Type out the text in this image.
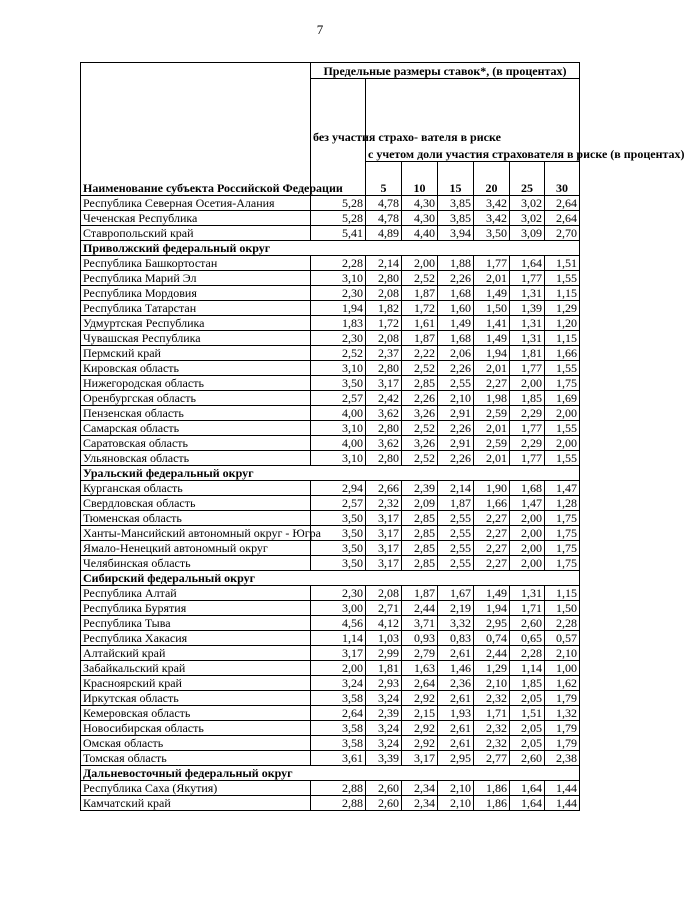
7
Наименование субъекта Российской Федерации	Предельные размеры ставок*, (в процентах)						
	без участия страхо- вателя в риске	с учетом доли участия страхователя в риске (в процентах)					
		5	10	15	20	25	30
Республика Северная Осетия-Алания	5,28	4,78	4,30	3,85	3,42	3,02	2,64
Чеченская Республика	5,28	4,78	4,30	3,85	3,42	3,02	2,64
Ставропольский край	5,41	4,89	4,40	3,94	3,50	3,09	2,70
Приволжский федеральный округ							
Республика Башкортостан	2,28	2,14	2,00	1,88	1,77	1,64	1,51
Республика Марий Эл	3,10	2,80	2,52	2,26	2,01	1,77	1,55
Республика Мордовия	2,30	2,08	1,87	1,68	1,49	1,31	1,15
Республика Татарстан	1,94	1,82	1,72	1,60	1,50	1,39	1,29
Удмуртская Республика	1,83	1,72	1,61	1,49	1,41	1,31	1,20
Чувашская Республика	2,30	2,08	1,87	1,68	1,49	1,31	1,15
Пермский край	2,52	2,37	2,22	2,06	1,94	1,81	1,66
Кировская область	3,10	2,80	2,52	2,26	2,01	1,77	1,55
Нижегородская область	3,50	3,17	2,85	2,55	2,27	2,00	1,75
Оренбургская область	2,57	2,42	2,26	2,10	1,98	1,85	1,69
Пензенская область	4,00	3,62	3,26	2,91	2,59	2,29	2,00
Самарская область	3,10	2,80	2,52	2,26	2,01	1,77	1,55
Саратовская область	4,00	3,62	3,26	2,91	2,59	2,29	2,00
Ульяновская область	3,10	2,80	2,52	2,26	2,01	1,77	1,55
Уральский федеральный округ							
Курганская область	2,94	2,66	2,39	2,14	1,90	1,68	1,47
Свердловская область	2,57	2,32	2,09	1,87	1,66	1,47	1,28
Тюменская область	3,50	3,17	2,85	2,55	2,27	2,00	1,75
Ханты-Мансийский автономный округ - Югра	3,50	3,17	2,85	2,55	2,27	2,00	1,75
Ямало-Ненецкий автономный округ	3,50	3,17	2,85	2,55	2,27	2,00	1,75
Челябинская область	3,50	3,17	2,85	2,55	2,27	2,00	1,75
Сибирский федеральный округ							
Республика Алтай	2,30	2,08	1,87	1,67	1,49	1,31	1,15
Республика Бурятия	3,00	2,71	2,44	2,19	1,94	1,71	1,50
Республика Тыва	4,56	4,12	3,71	3,32	2,95	2,60	2,28
Республика Хакасия	1,14	1,03	0,93	0,83	0,74	0,65	0,57
Алтайский край	3,17	2,99	2,79	2,61	2,44	2,28	2,10
Забайкальский край	2,00	1,81	1,63	1,46	1,29	1,14	1,00
Красноярский край	3,24	2,93	2,64	2,36	2,10	1,85	1,62
Иркутская область	3,58	3,24	2,92	2,61	2,32	2,05	1,79
Кемеровская область	2,64	2,39	2,15	1,93	1,71	1,51	1,32
Новосибирская область	3,58	3,24	2,92	2,61	2,32	2,05	1,79
Омская область	3,58	3,24	2,92	2,61	2,32	2,05	1,79
Томская область	3,61	3,39	3,17	2,95	2,77	2,60	2,38
Дальневосточный федеральный округ							
Республика Саха (Якутия)	2,88	2,60	2,34	2,10	1,86	1,64	1,44
Камчатский край	2,88	2,60	2,34	2,10	1,86	1,64	1,44
